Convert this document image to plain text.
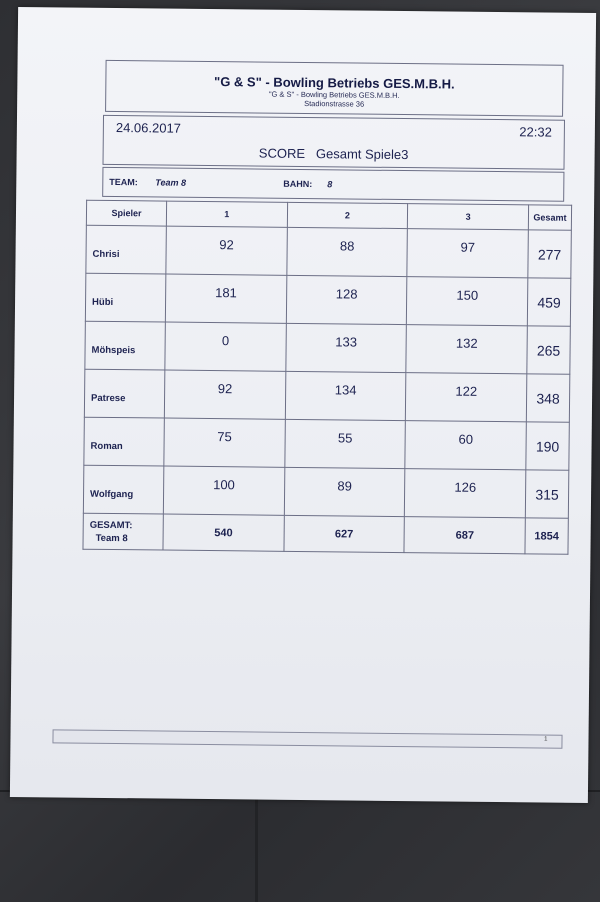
"G & S" - Bowling Betriebs GES.M.B.H.
"G & S" - Bowling Betriebs GES.M.B.H.
Stadionstrasse 36
24.06.2017	22:32
SCORE   Gesamt Spiele3
TEAM: Team 8	BAHN: 8
Spieler	1	2	3	Gesamt
Chrisi	92	88	97	277
Hübi	181	128	150	459
Möhspeis	0	133	132	265
Patrese	92	134	122	348
Roman	75	55	60	190
Wolfgang	100	89	126	315

GESAMT:
Team 8	540	627	687	1854
1
